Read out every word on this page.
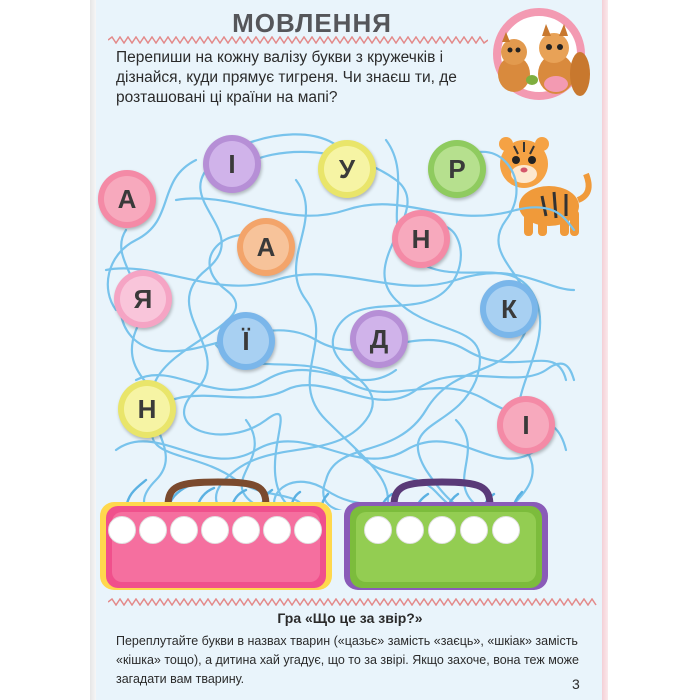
МОВЛЕННЯ
Перепиши на кожну валізу букви з кружечків і дізнайся, куди прямує тигреня. Чи знаєш ти, де розташовані ці країни на мапі?
А
І	У	Р
А	Н
Я	К
Ї	Д
Н
І
Гра «Що це за звір?»
Переплутайте букви в назвах тварин («цазьє» замість «заєць», «шкіак» замість «кішка» тощо), а дитина хай угадує, що то за звірі. Якщо захоче, вона теж може загадати вам тварину.	3
